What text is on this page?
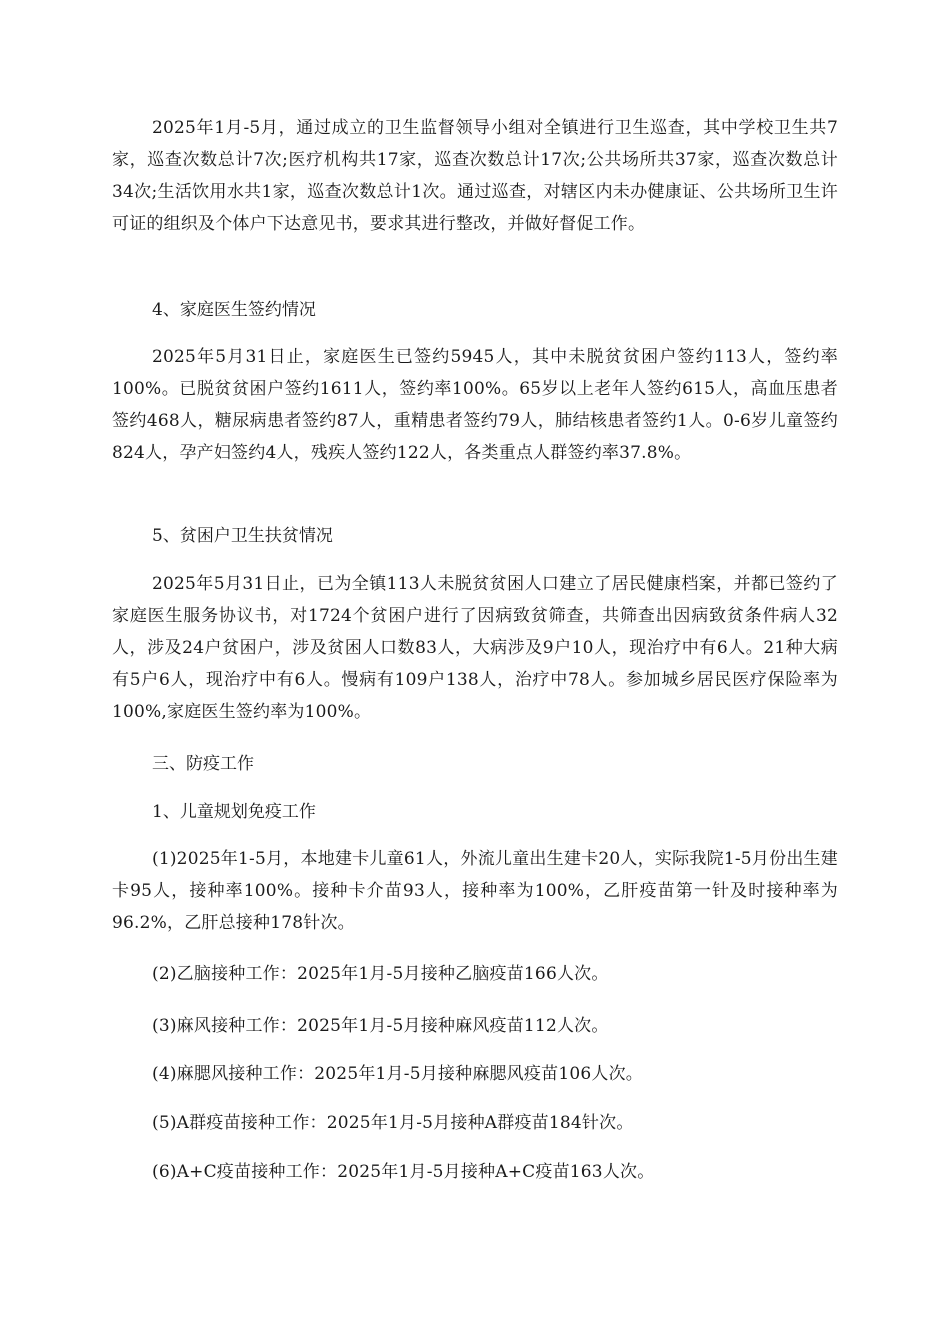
2025年1月-5月，通过成立的卫生监督领导小组对全镇进行卫生巡查，其中学校卫生共7家，巡查次数总计7次;医疗机构共17家，巡查次数总计17次;公共场所共37家，巡查次数总计34次;生活饮用水共1家，巡查次数总计1次。通过巡查，对辖区内未办健康证、公共场所卫生许可证的组织及个体户下达意见书，要求其进行整改，并做好督促工作。

4、家庭医生签约情况

2025年5月31日止，家庭医生已签约5945人，其中未脱贫贫困户签约113人，签约率100%。已脱贫贫困户签约1611人，签约率100%。65岁以上老年人签约615人，高血压患者签约468人，糖尿病患者签约87人，重精患者签约79人，肺结核患者签约1人。0-6岁儿童签约824人，孕产妇签约4人，残疾人签约122人，各类重点人群签约率37.8%。

5、贫困户卫生扶贫情况

2025年5月31日止，已为全镇113人未脱贫贫困人口建立了居民健康档案，并都已签约了家庭医生服务协议书，对1724个贫困户进行了因病致贫筛查，共筛查出因病致贫条件病人32人，涉及24户贫困户，涉及贫困人口数83人，大病涉及9户10人，现治疗中有6人。21种大病有5户6人，现治疗中有6人。慢病有109户138人，治疗中78人。参加城乡居民医疗保险率为100%,家庭医生签约率为100%。

三、防疫工作

1、儿童规划免疫工作

(1)2025年1-5月，本地建卡儿童61人，外流儿童出生建卡20人，实际我院1-5月份出生建卡95人，接种率100%。接种卡介苗93人，接种率为100%，乙肝疫苗第一针及时接种率为96.2%，乙肝总接种178针次。

(2)乙脑接种工作：2025年1月-5月接种乙脑疫苗166人次。

(3)麻风接种工作：2025年1月-5月接种麻风疫苗112人次。

(4)麻腮风接种工作：2025年1月-5月接种麻腮风疫苗106人次。

(5)A群疫苗接种工作：2025年1月-5月接种A群疫苗184针次。

(6)A+C疫苗接种工作：2025年1月-5月接种A+C疫苗163人次。
